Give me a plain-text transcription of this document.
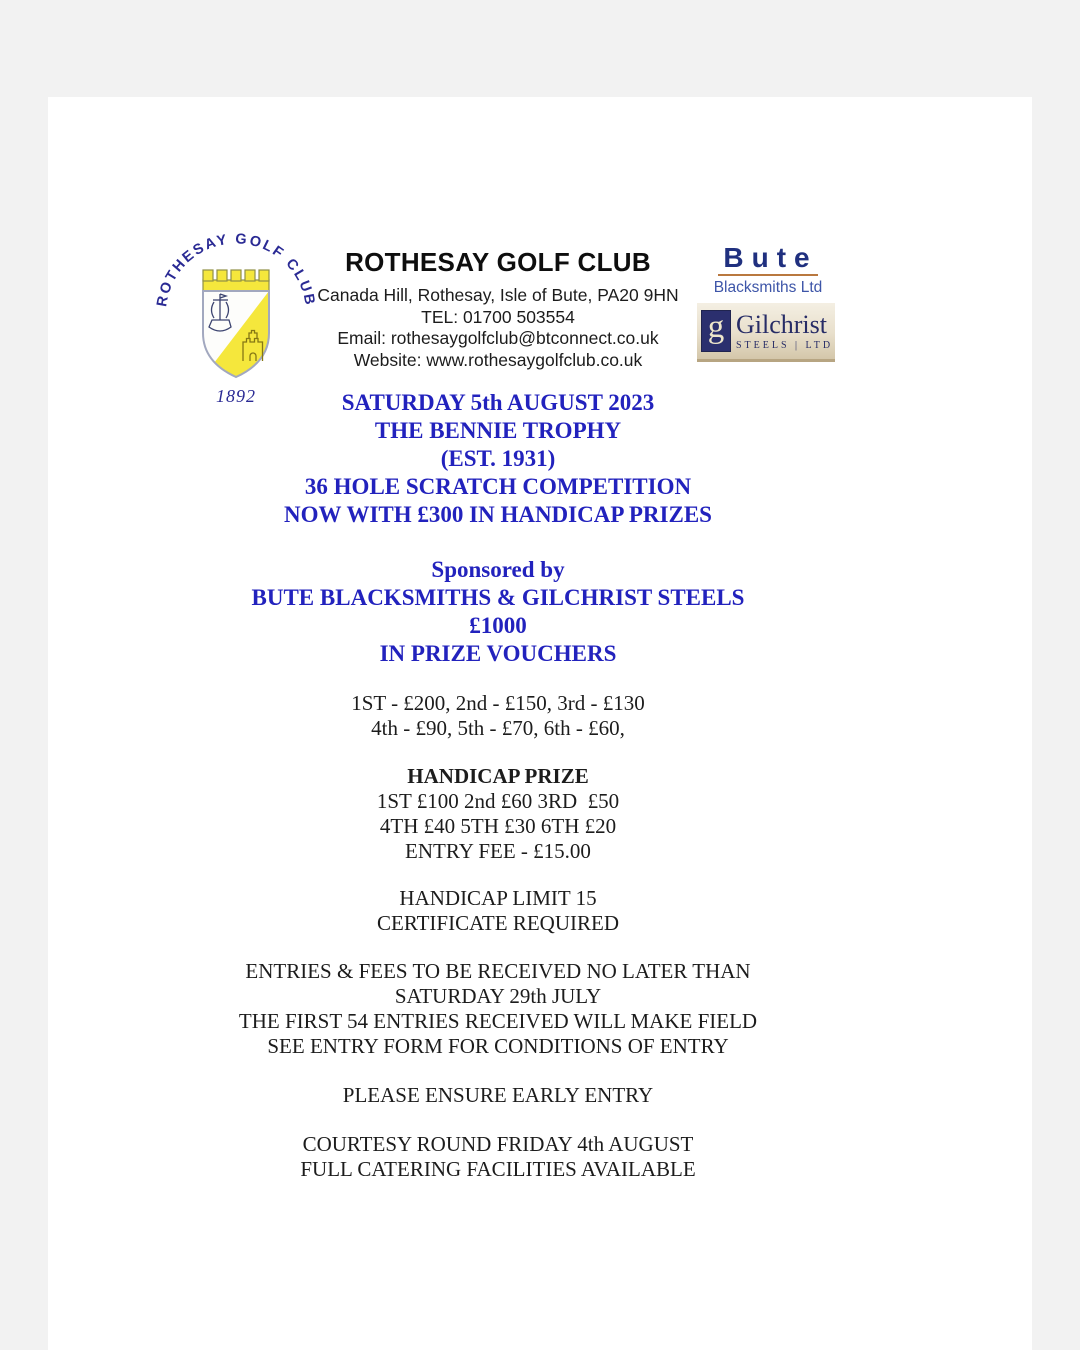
ROTHESAY GOLF CLUB
1892
ROTHESAY GOLF CLUB

Canada Hill, Rothesay, Isle of Bute, PA20 9HN

TEL: 01700 503554

Email: rothesaygolfclub@btconnect.co.uk

Website: www.rothesaygolfclub.co.uk

Bute
Blacksmiths Ltd
g Gilchrist
STEELS | LTD
SATURDAY 5th AUGUST 2023
THE BENNIE TROPHY
(EST. 1931)
36 HOLE SCRATCH COMPETITION
NOW WITH £300 IN HANDICAP PRIZES
Sponsored by
BUTE BLACKSMITHS & GILCHRIST STEELS
£1000
IN PRIZE VOUCHERS
1ST - £200, 2nd - £150, 3rd - £130
4th - £90, 5th - £70, 6th - £60,
HANDICAP PRIZE
1ST £100 2nd £60 3RD  £50
4TH £40 5TH £30 6TH £20
ENTRY FEE - £15.00
HANDICAP LIMIT 15
CERTIFICATE REQUIRED
ENTRIES & FEES TO BE RECEIVED NO LATER THAN
SATURDAY 29th JULY
THE FIRST 54 ENTRIES RECEIVED WILL MAKE FIELD
SEE ENTRY FORM FOR CONDITIONS OF ENTRY
PLEASE ENSURE EARLY ENTRY
COURTESY ROUND FRIDAY 4th AUGUST
FULL CATERING FACILITIES AVAILABLE
